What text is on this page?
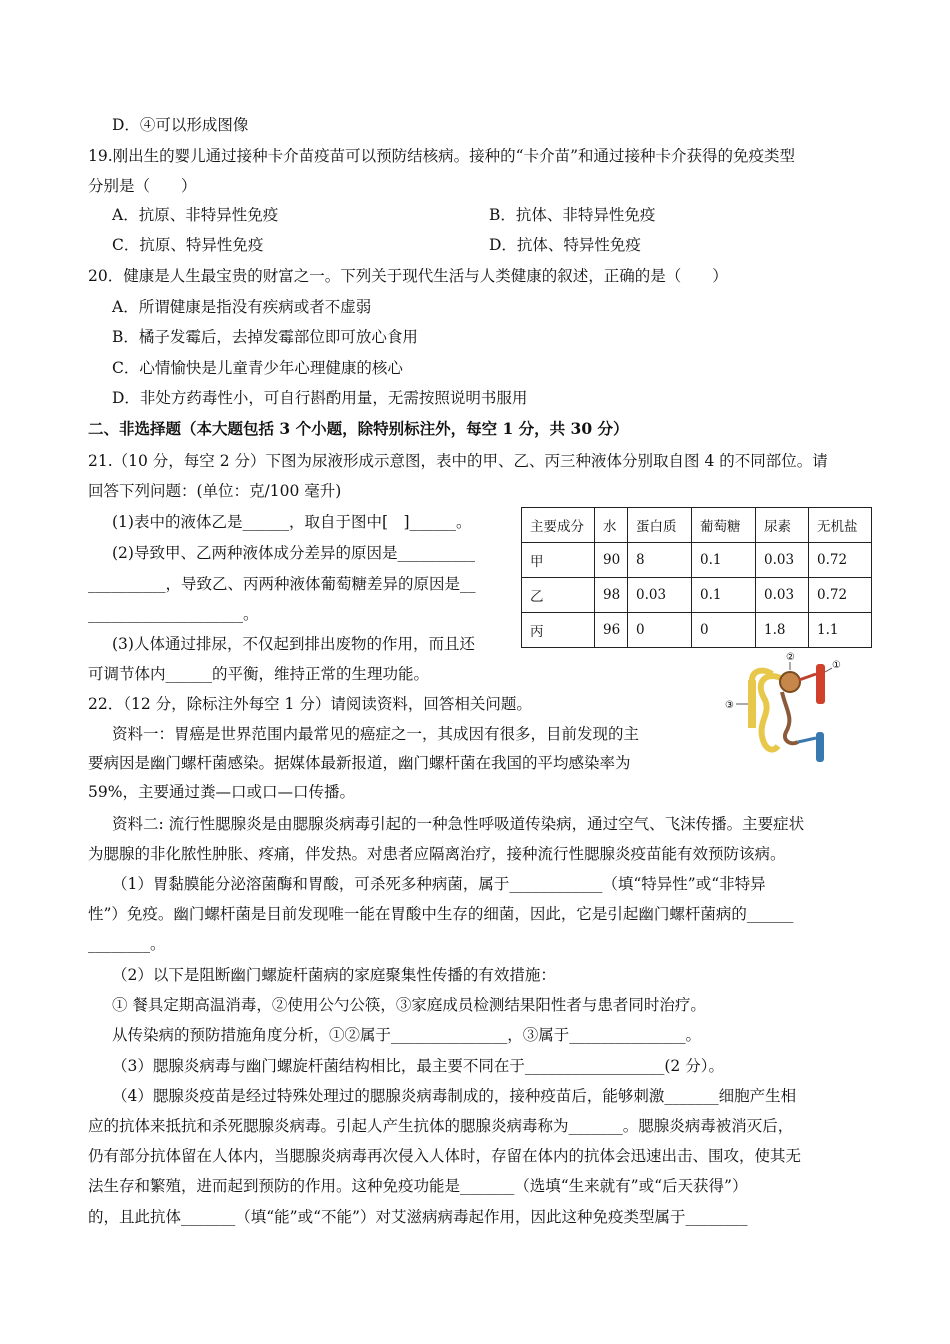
D．④可以形成图像
19.刚出生的婴儿通过接种卡介苗疫苗可以预防结核病。接种的“卡介苗”和通过接种卡介获得的免疫类型
分别是（　　）
A．抗原、非特异性免疫	B．抗体、非特异性免疫
C．抗原、特异性免疫	D．抗体、特异性免疫
20．健康是人生最宝贵的财富之一。下列关于现代生活与人类健康的叙述，正确的是（　　）
A．所谓健康是指没有疾病或者不虚弱
B．橘子发霉后，去掉发霉部位即可放心食用
C．心情愉快是儿童青少年心理健康的核心
D．非处方药毒性小，可自行斟酌用量，无需按照说明书服用
二、非选择题（本大题包括 3 个小题，除特别标注外，每空 1 分，共 30 分）
21.（10 分，每空 2 分）下图为尿液形成示意图，表中的甲、乙、丙三种液体分别取自图 4 的不同部位。请
回答下列问题：(单位：克/100 毫升)
(1)表中的液体乙是______，取自于图中[　]______。
(2)导致甲、乙两种液体成分差异的原因是__________
__________，导致乙、丙两种液体葡萄糖差异的原因是__
____________________。
(3)人体通过排尿，不仅起到排出废物的作用，而且还
可调节体内______的平衡，维持正常的生理功能。
主要成分	水	蛋白质	葡萄糖	尿素	无机盐
甲	90	8	0.1	0.03	0.72
乙	98	0.03	0.1	0.03	0.72
丙	96	0	0	1.8	1.1
②
①
③
22．（12 分，除标注外每空 1 分）请阅读资料，回答相关问题。
资料一：胃癌是世界范围内最常见的癌症之一，其成因有很多，目前发现的主
要病因是幽门螺杆菌感染。据媒体最新报道，幽门螺杆菌在我国的平均感染率为
59%，主要通过粪—口或口—口传播。
资料二: 流行性腮腺炎是由腮腺炎病毒引起的一种急性呼吸道传染病，通过空气、飞沫传播。主要症状
为腮腺的非化脓性肿胀、疼痛，伴发热。对患者应隔离治疗，接种流行性腮腺炎疫苗能有效预防该病。
（1）胃黏膜能分泌溶菌酶和胃酸，可杀死多种病菌，属于____________（填“特异性”或“非特异
性”）免疫。幽门螺杆菌是目前发现唯一能在胃酸中生存的细菌，因此，它是引起幽门螺杆菌病的______
________。
（2）以下是阻断幽门螺旋杆菌病的家庭聚集性传播的有效措施：
① 餐具定期高温消毒，②使用公勺公筷，③家庭成员检测结果阳性者与患者同时治疗。
从传染病的预防措施角度分析，①②属于_______________，③属于_______________。
（3）腮腺炎病毒与幽门螺旋杆菌结构相比，最主要不同在于__________________(2 分）。
（4）腮腺炎疫苗是经过特殊处理过的腮腺炎病毒制成的，接种疫苗后，能够刺激_______细胞产生相
应的抗体来抵抗和杀死腮腺炎病毒。引起人产生抗体的腮腺炎病毒称为_______。腮腺炎病毒被消灭后，
仍有部分抗体留在人体内，当腮腺炎病毒再次侵入人体时，存留在体内的抗体会迅速出击、围攻，使其无
法生存和繁殖，进而起到预防的作用。这种免疫功能是_______（选填“生来就有”或“后天获得”）
的，且此抗体_______（填“能”或“不能”）对艾滋病病毒起作用，因此这种免疫类型属于________
